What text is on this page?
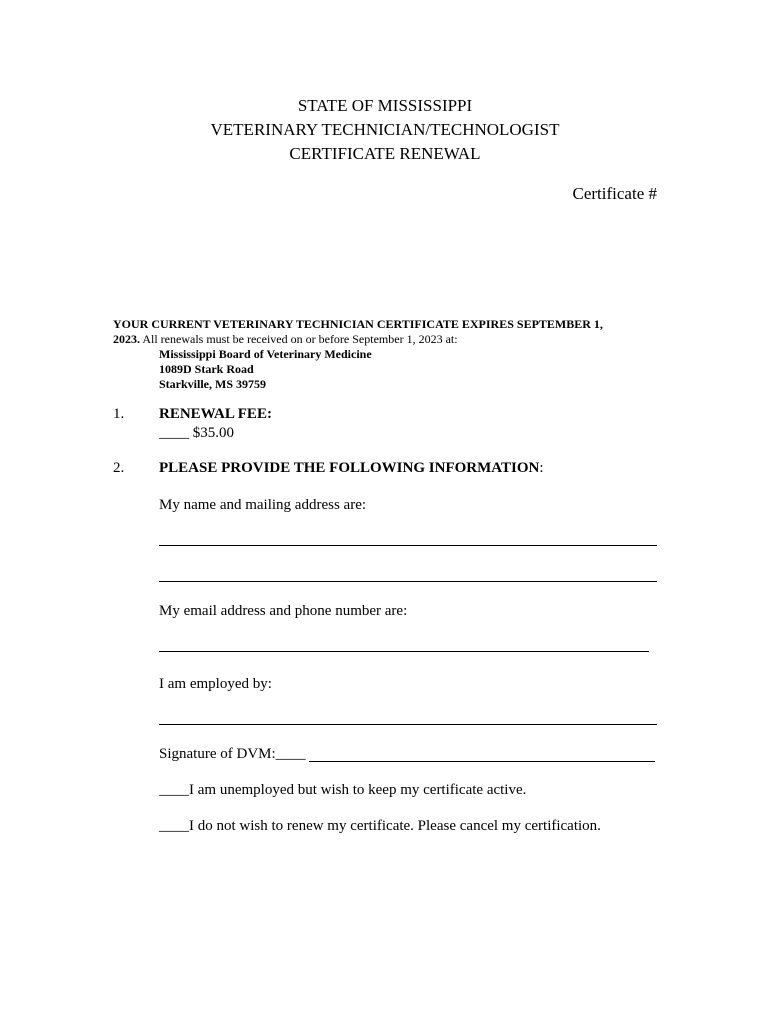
STATE OF MISSISSIPPI
VETERINARY TECHNICIAN/TECHNOLOGIST
CERTIFICATE RENEWAL
Certificate #
YOUR CURRENT VETERINARY TECHNICIAN CERTIFICATE EXPIRES SEPTEMBER 1,
2023. All renewals must be received on or before September 1, 2023 at:
Mississippi Board of Veterinary Medicine
1089D Stark Road
Starkville, MS 39759
1. RENEWAL FEE:
____ $35.00
2. PLEASE PROVIDE THE FOLLOWING INFORMATION:
My name and mailing address are:
My email address and phone number are:
I am employed by:
Signature of DVM:____
____I am unemployed but wish to keep my certificate active.
____I do not wish to renew my certificate. Please cancel my certification.
